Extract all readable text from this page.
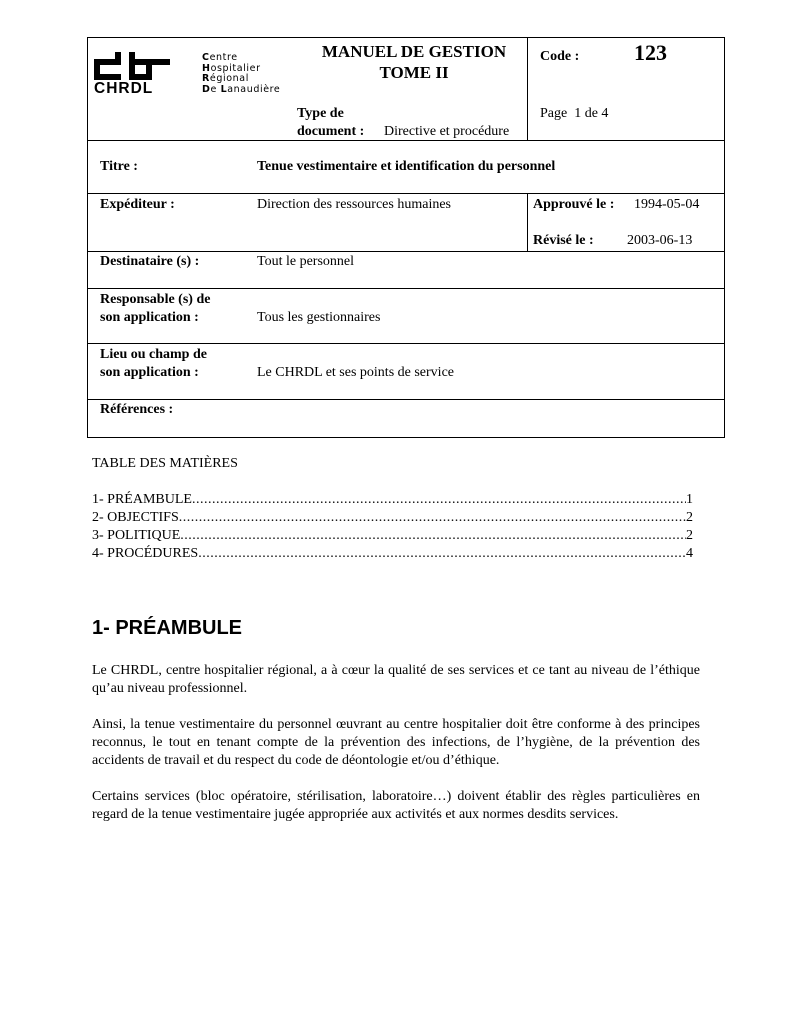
CHRDL
Centre
Hospitalier
Régional
De Lanaudière
MANUEL DE GESTION
TOME II
Code : 123
Type de
document : Directive et procédure
Page  1 de 4
Titre :	Tenue vestimentaire et identification du personnel
Expéditeur :	Direction des ressources humaines	Approuvé le : 1994-05-04
Révisé le : 2003-06-13
Destinataire (s) :	Tout le personnel
Responsable (s) de
son application :	Tous les gestionnaires
Lieu ou champ de
son application :	Le CHRDL et ses points de service
Références :
TABLE DES MATIÈRES
1- PRÉAMBULE .....	1
2- OBJECTIFS .....	2
3- POLITIQUE .....	2
4- PROCÉDURES .....	4
1- PRÉAMBULE
Le CHRDL, centre hospitalier régional, a à cœur la qualité de ses services et ce tant au niveau de l’éthique qu’au niveau professionnel.
Ainsi, la tenue vestimentaire du personnel œuvrant au centre hospitalier doit être conforme à des principes reconnus, le tout en tenant compte de la prévention des infections, de l’hygiène, de la prévention des accidents de travail et du respect du code de déontologie et/ou d’éthique.
Certains services (bloc opératoire, stérilisation, laboratoire…) doivent établir des règles particulières en regard de la tenue vestimentaire jugée appropriée aux activités et aux normes desdits services.
